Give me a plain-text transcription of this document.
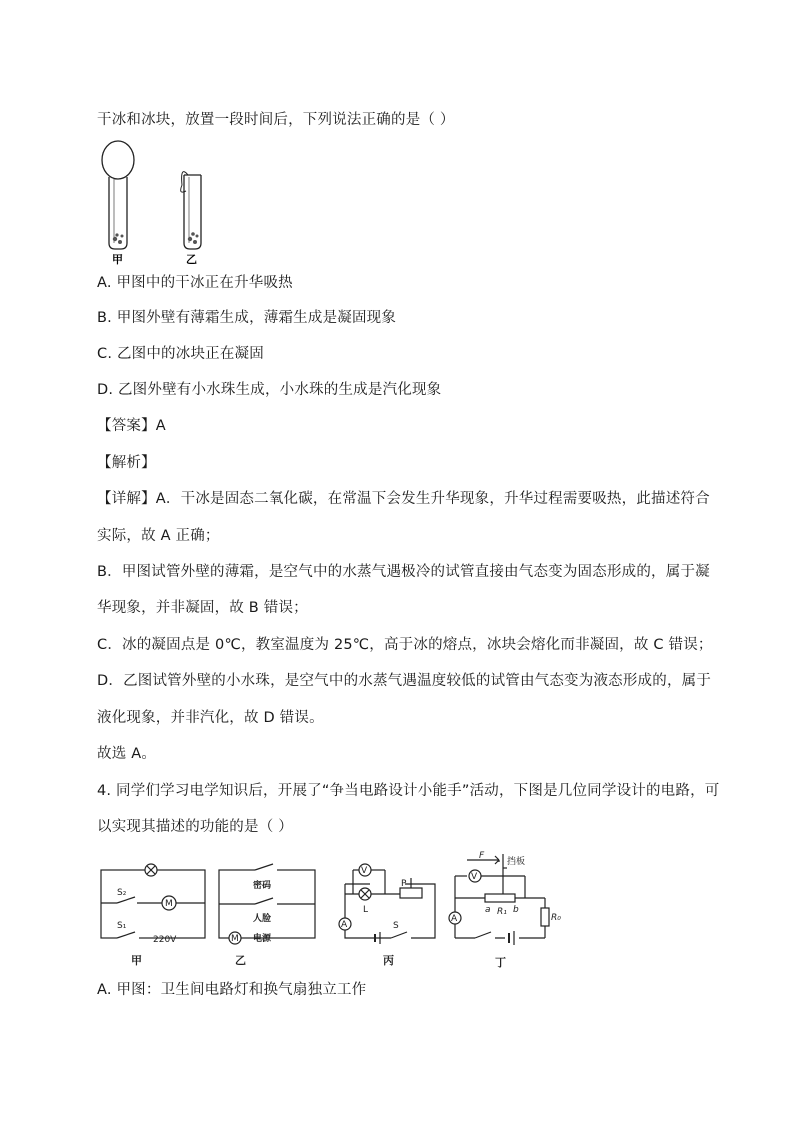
干冰和冰块，放置一段时间后，下列说法正确的是（ ）
甲	乙
A. 甲图中的干冰正在升华吸热
B. 甲图外壁有薄霜生成，薄霜生成是凝固现象
C. 乙图中的冰块正在凝固
D. 乙图外壁有小水珠生成，小水珠的生成是汽化现象
【答案】A
【解析】
【详解】A．干冰是固态二氧化碳，在常温下会发生升华现象，升华过程需要吸热，此描述符合
实际，故 A 正确；
B．甲图试管外壁的薄霜，是空气中的水蒸气遇极冷的试管直接由气态变为固态形成的，属于凝
华现象，并非凝固，故 B 错误；
C．冰的凝固点是 0℃，教室温度为 25℃，高于冰的熔点，冰块会熔化而非凝固，故 C 错误；
D．乙图试管外壁的小水珠，是空气中的水蒸气遇温度较低的试管由气态变为液态形成的，属于
液化现象，并非汽化，故 D 错误。
故选 A。
4. 同学们学习电学知识后，开展了“争当电路设计小能手”活动，下图是几位同学设计的电路，可
以实现其描述的功能的是（ ）
S₂
S₁
220V
M
密码
人脸
电源
M
V
A
L
S
P
F
挡板
V
A
a R₁ b
R₀
甲	乙	丙	丁
A. 甲图：卫生间电路灯和换气扇独立工作
